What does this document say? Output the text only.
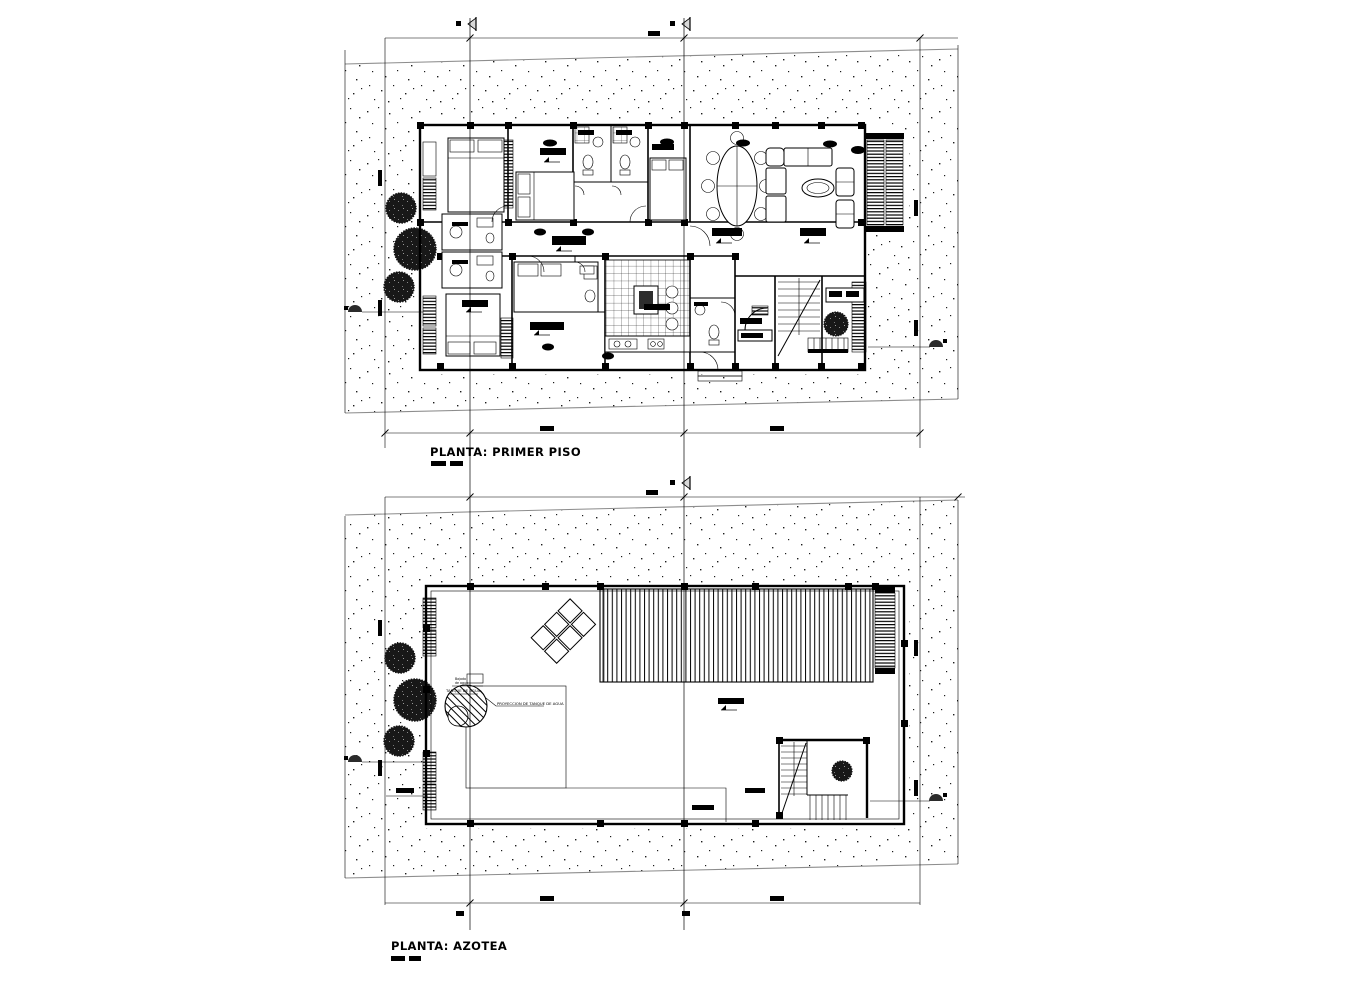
PLANTA: PRIMER PISO
TANQUE DE AGUA
PROYECCION DE TANQUE DE AGUA
Bajada
de agua
PLANTA: AZOTEA
